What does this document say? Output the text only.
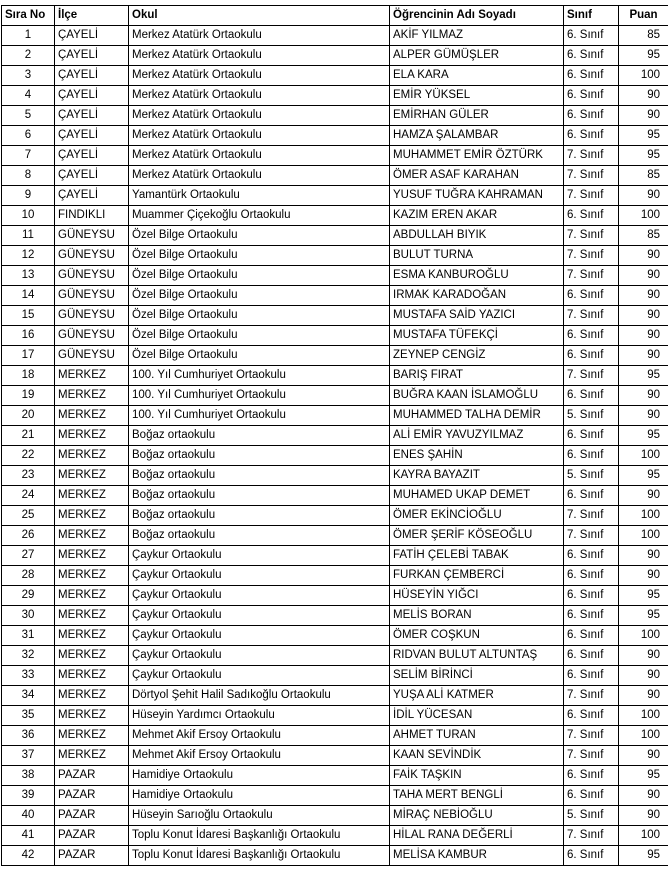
Sıra No	İlçe	Okul	Öğrencinin Adı Soyadı	Sınıf	Puan
1	ÇAYELİ	Merkez Atatürk Ortaokulu	AKİF YILMAZ	6. Sınıf	85
2	ÇAYELİ	Merkez Atatürk Ortaokulu	ALPER GÜMÜŞLER	6. Sınıf	95
3	ÇAYELİ	Merkez Atatürk Ortaokulu	ELA KARA	6. Sınıf	100
4	ÇAYELİ	Merkez Atatürk Ortaokulu	EMİR YÜKSEL	6. Sınıf	90
5	ÇAYELİ	Merkez Atatürk Ortaokulu	EMİRHAN GÜLER	6. Sınıf	90
6	ÇAYELİ	Merkez Atatürk Ortaokulu	HAMZA ŞALAMBAR	6. Sınıf	95
7	ÇAYELİ	Merkez Atatürk Ortaokulu	MUHAMMET EMİR ÖZTÜRK	7. Sınıf	95
8	ÇAYELİ	Merkez Atatürk Ortaokulu	ÖMER ASAF KARAHAN	7. Sınıf	85
9	ÇAYELİ	Yamantürk Ortaokulu	YUSUF TUĞRA KAHRAMAN	7. Sınıf	90
10	FINDIKLI	Muammer Çiçekoğlu Ortaokulu	KAZIM EREN AKAR	6. Sınıf	100
11	GÜNEYSU	Özel Bilge Ortaokulu	ABDULLAH BIYIK	7. Sınıf	85
12	GÜNEYSU	Özel Bilge Ortaokulu	BULUT TURNA	7. Sınıf	90
13	GÜNEYSU	Özel Bilge Ortaokulu	ESMA KANBUROĞLU	7. Sınıf	90
14	GÜNEYSU	Özel Bilge Ortaokulu	IRMAK KARADOĞAN	6. Sınıf	90
15	GÜNEYSU	Özel Bilge Ortaokulu	MUSTAFA SAİD YAZICI	7. Sınıf	90
16	GÜNEYSU	Özel Bilge Ortaokulu	MUSTAFA TÜFEKÇİ	6. Sınıf	90
17	GÜNEYSU	Özel Bilge Ortaokulu	ZEYNEP CENGİZ	6. Sınıf	90
18	MERKEZ	100. Yıl Cumhuriyet Ortaokulu	BARIŞ FIRAT	7. Sınıf	95
19	MERKEZ	100. Yıl Cumhuriyet Ortaokulu	BUĞRA KAAN İSLAMOĞLU	6. Sınıf	90
20	MERKEZ	100. Yıl Cumhuriyet Ortaokulu	MUHAMMED TALHA DEMİR	5. Sınıf	90
21	MERKEZ	Boğaz ortaokulu	ALİ EMİR YAVUZYILMAZ	6. Sınıf	95
22	MERKEZ	Boğaz ortaokulu	ENES ŞAHİN	6. Sınıf	100
23	MERKEZ	Boğaz ortaokulu	KAYRA BAYAZIT	5. Sınıf	95
24	MERKEZ	Boğaz ortaokulu	MUHAMED UKAP DEMET	6. Sınıf	90
25	MERKEZ	Boğaz ortaokulu	ÖMER EKİNCİOĞLU	7. Sınıf	100
26	MERKEZ	Boğaz ortaokulu	ÖMER ŞERİF KÖSEOĞLU	7. Sınıf	100
27	MERKEZ	Çaykur Ortaokulu	FATİH ÇELEBİ TABAK	6. Sınıf	90
28	MERKEZ	Çaykur Ortaokulu	FURKAN ÇEMBERCİ	6. Sınıf	90
29	MERKEZ	Çaykur Ortaokulu	HÜSEYİN YIĞCI	6. Sınıf	95
30	MERKEZ	Çaykur Ortaokulu	MELİS BORAN	6. Sınıf	95
31	MERKEZ	Çaykur Ortaokulu	ÖMER COŞKUN	6. Sınıf	100
32	MERKEZ	Çaykur Ortaokulu	RIDVAN BULUT ALTUNTAŞ	6. Sınıf	90
33	MERKEZ	Çaykur Ortaokulu	SELİM BİRİNCİ	6. Sınıf	90
34	MERKEZ	Dörtyol Şehit Halil Sadıkoğlu Ortaokulu	YUŞA ALİ KATMER	7. Sınıf	90
35	MERKEZ	Hüseyin Yardımcı Ortaokulu	İDİL YÜCESAN	6. Sınıf	100
36	MERKEZ	Mehmet Akif Ersoy Ortaokulu	AHMET TURAN	7. Sınıf	100
37	MERKEZ	Mehmet Akif Ersoy Ortaokulu	KAAN SEVİNDİK	7. Sınıf	90
38	PAZAR	Hamidiye Ortaokulu	FAİK TAŞKIN	6. Sınıf	95
39	PAZAR	Hamidiye Ortaokulu	TAHA MERT BENGLİ	6. Sınıf	90
40	PAZAR	Hüseyin Sarıoğlu Ortaokulu	MİRAÇ NEBİOĞLU	5. Sınıf	90
41	PAZAR	Toplu Konut İdaresi Başkanlığı Ortaokulu	HİLAL RANA DEĞERLİ	7. Sınıf	100
42	PAZAR	Toplu Konut İdaresi Başkanlığı Ortaokulu	MELİSA KAMBUR	6. Sınıf	95
